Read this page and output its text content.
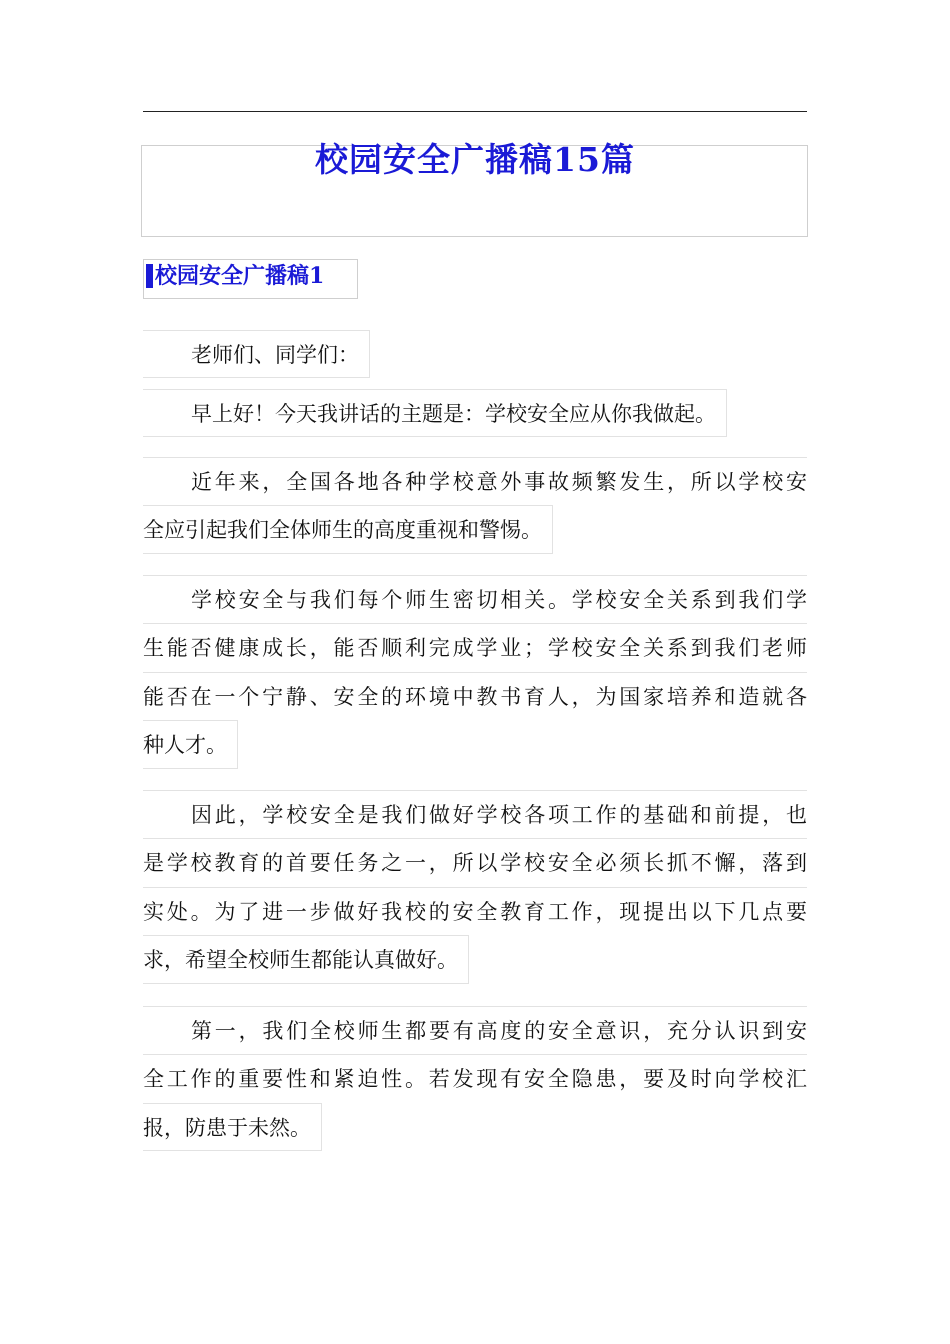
校园安全广播稿15篇
校园安全广播稿1
老师们、同学们：
早上好！今天我讲话的主题是：学校安全应从你我做起。
近年来，全国各地各种学校意外事故频繁发生，所以学校安
全应引起我们全体师生的高度重视和警惕。
学校安全与我们每个师生密切相关。学校安全关系到我们学
生能否健康成长，能否顺利完成学业；学校安全关系到我们老师
能否在一个宁静、安全的环境中教书育人，为国家培养和造就各
种人才。
因此，学校安全是我们做好学校各项工作的基础和前提，也
是学校教育的首要任务之一，所以学校安全必须长抓不懈，落到
实处。为了进一步做好我校的安全教育工作，现提出以下几点要
求，希望全校师生都能认真做好。
第一，我们全校师生都要有高度的安全意识，充分认识到安
全工作的重要性和紧迫性。若发现有安全隐患，要及时向学校汇
报，防患于未然。
